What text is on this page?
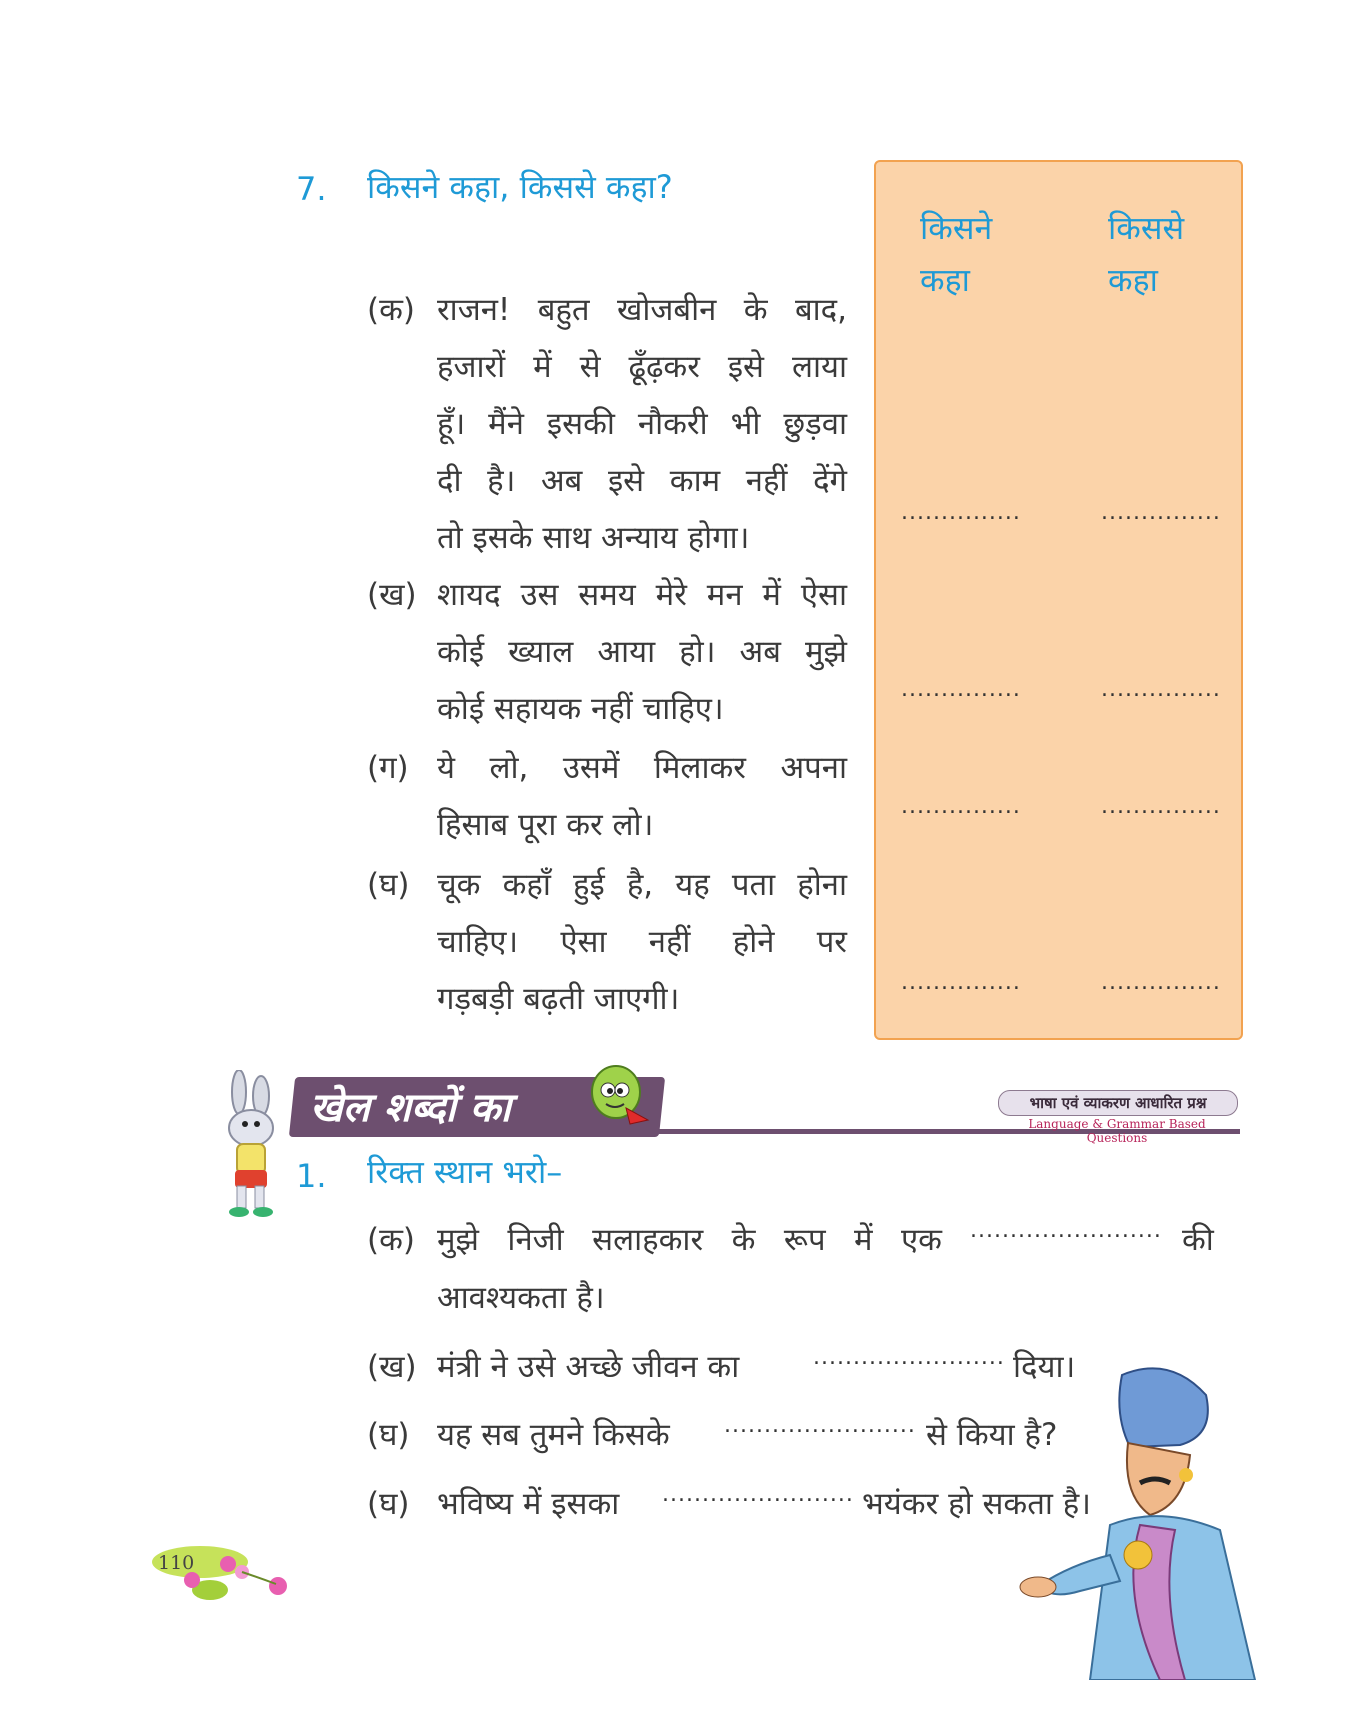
7. किसने कहा, किससे कहा?
(क) राजन! बहुत खोजबीन के बाद,
हजारों में से ढूँढ़कर इसे लाया
हूँ। मैंने इसकी नौकरी भी छुड़वा
दी है। अब इसे काम नहीं देंगे
तो इसके साथ अन्याय होगा।
(ख) शायद उस समय मेरे मन में ऐसा
कोई ख्याल आया हो। अब मुझे
कोई सहायक नहीं चाहिए।
(ग) ये लो, उसमें मिलाकर अपना
हिसाब पूरा कर लो।
(घ) चूक कहाँ हुई है, यह पता होना
चाहिए। ऐसा नहीं होने पर
गड़बड़ी बढ़ती जाएगी।
किसने कहा
किससे कहा
...............	...............
...............	...............
...............	...............
...............	...............
खेल शब्दों का	भाषा एवं व्याकरण आधारित प्रश्न
Language & Grammar Based Questions
1. रिक्त स्थान भरो–
(क) मुझे निजी सलाहकार के रूप में एक ........................ की
आवश्यकता है।
(ख) मंत्री ने उसे अच्छे जीवन का	........................ दिया।
(घ) यह सब तुमने किसके ........................ से किया है?
(घ) भविष्य में इसका ........................ भयंकर हो सकता है।
110
